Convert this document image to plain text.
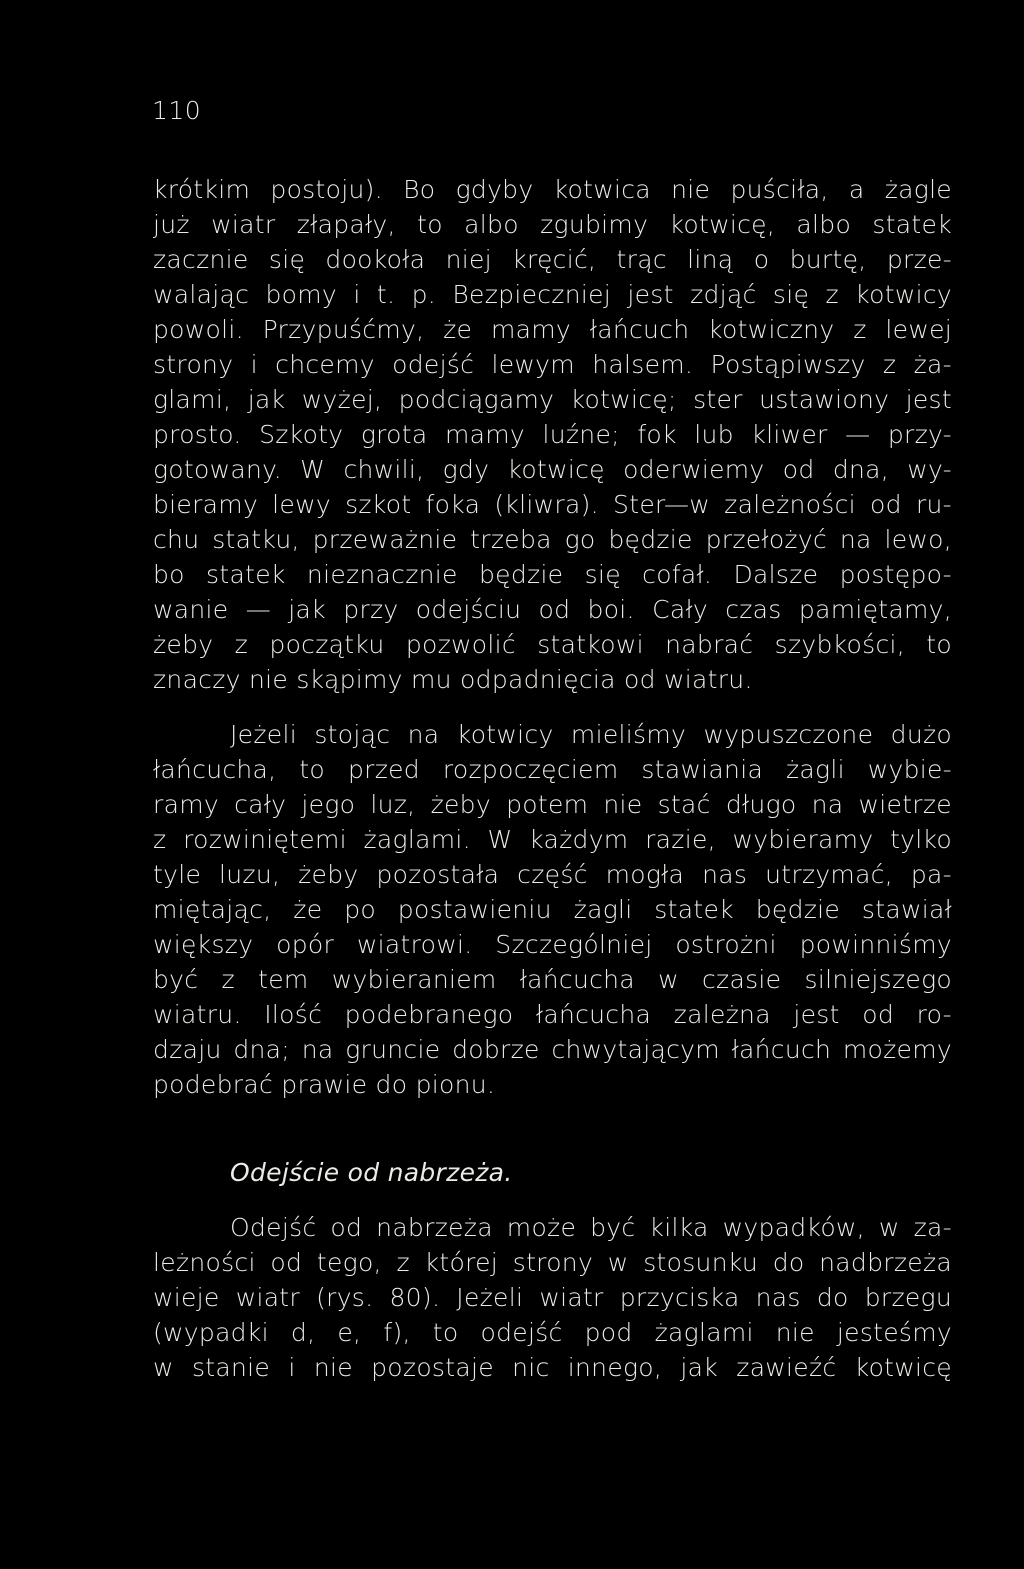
110
krótkim postoju). Bo gdyby kotwica nie puściła, a żagle
już wiatr złapały, to albo zgubimy kotwicę, albo statek
zacznie się dookoła niej kręcić, trąc liną o burtę, prze-
walając bomy i t. p. Bezpieczniej jest zdjąć się z kotwicy
powoli. Przypuśćmy, że mamy łańcuch kotwiczny z lewej
strony i chcemy odejść lewym halsem. Postąpiwszy z ża-
glami, jak wyżej, podciągamy kotwicę; ster ustawiony jest
prosto. Szkoty grota mamy luźne; fok lub kliwer — przy-
gotowany. W chwili, gdy kotwicę oderwiemy od dna, wy-
bieramy lewy szkot foka (kliwra). Ster—w zależności od ru-
chu statku, przeważnie trzeba go będzie przełożyć na lewo,
bo statek nieznacznie będzie się cofał. Dalsze postępo-
wanie — jak przy odejściu od boi. Cały czas pamiętamy,
żeby z początku pozwolić statkowi nabrać szybkości, to
znaczy nie skąpimy mu odpadnięcia od wiatru.
Jeżeli stojąc na kotwicy mieliśmy wypuszczone dużo
łańcucha, to przed rozpoczęciem stawiania żagli wybie-
ramy cały jego luz, żeby potem nie stać długo na wietrze
z rozwiniętemi żaglami. W każdym razie, wybieramy tylko
tyle luzu, żeby pozostała część mogła nas utrzymać, pa-
miętając, że po postawieniu żagli statek będzie stawiał
większy opór wiatrowi. Szczególniej ostrożni powinniśmy
być z tem wybieraniem łańcucha w czasie silniejszego
wiatru. Ilość podebranego łańcucha zależna jest od ro-
dzaju dna; na gruncie dobrze chwytającym łańcuch możemy
podebrać prawie do pionu.
Odejście od nabrzeża.
Odejść od nabrzeża może być kilka wypadków, w za-
leżności od tego, z której strony w stosunku do nadbrzeża
wieje wiatr (rys. 80). Jeżeli wiatr przyciska nas do brzegu
(wypadki d, e, f), to odejść pod żaglami nie jesteśmy
w stanie i nie pozostaje nic innego, jak zawieźć kotwicę
